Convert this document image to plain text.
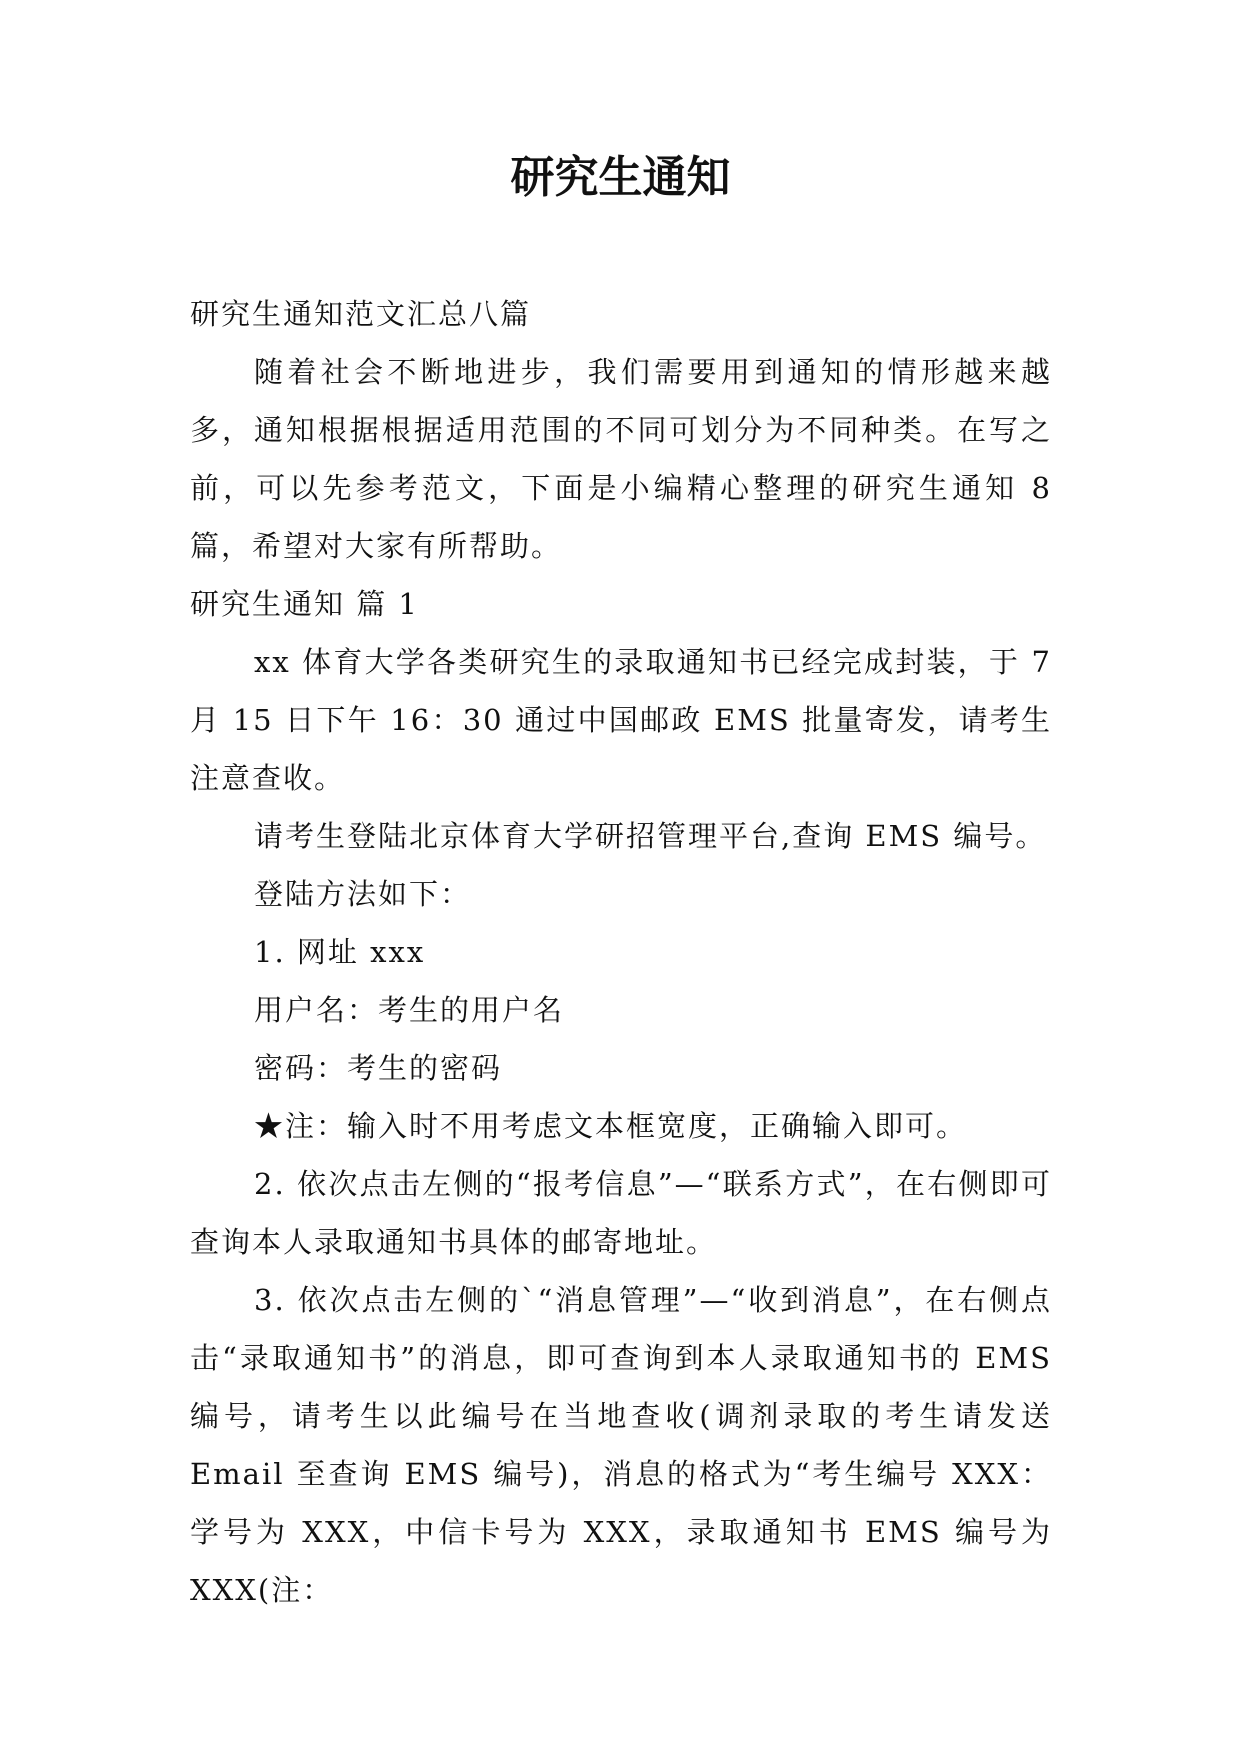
研究生通知

研究生通知范文汇总八篇

随着社会不断地进步，我们需要用到通知的情形越来越多，通知根据根据适用范围的不同可划分为不同种类。在写之前，可以先参考范文，下面是小编精心整理的研究生通知 8 篇，希望对大家有所帮助。

研究生通知 篇 1

xx 体育大学各类研究生的录取通知书已经完成封装，于 7 月 15 日下午 16：30 通过中国邮政 EMS 批量寄发，请考生注意查收。

请考生登陆北京体育大学研招管理平台,查询 EMS 编号。

登陆方法如下：

1. 网址 xxx

用户名：考生的用户名

密码：考生的密码

★注：输入时不用考虑文本框宽度，正确输入即可。

2. 依次点击左侧的“报考信息”—“联系方式”，在右侧即可查询本人录取通知书具体的邮寄地址。

3. 依次点击左侧的`“消息管理”—“收到消息”，在右侧点击“录取通知书”的消息，即可查询到本人录取通知书的 EMS 编号，请考生以此编号在当地查收(调剂录取的考生请发送 Email 至查询 EMS 编号)，消息的格式为“考生编号 XXX：学号为 XXX，中信卡号为 XXX，录取通知书 EMS 编号为 XXX(注：
